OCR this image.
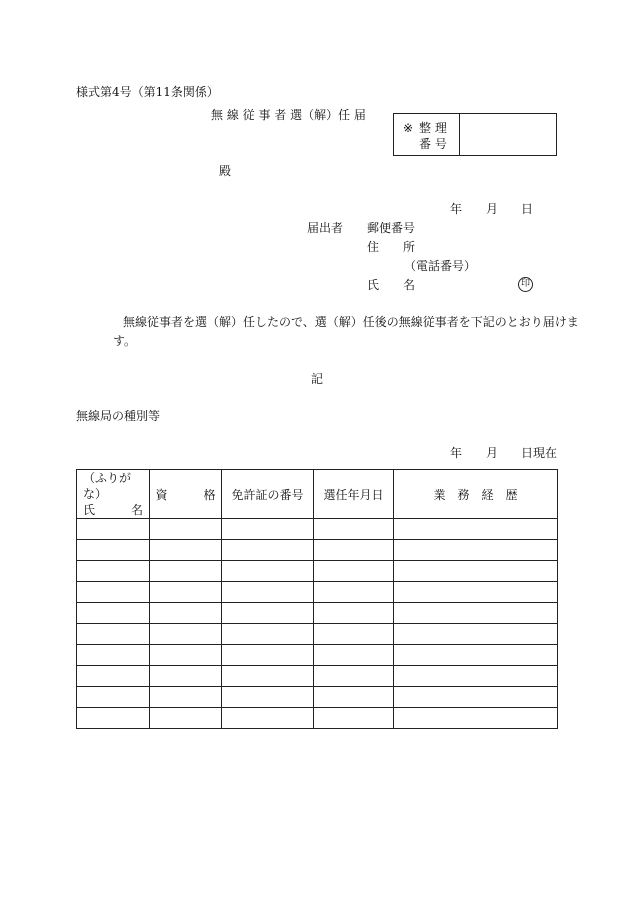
様式第4号（第11条関係）
無 線 従 事 者 選（解）任 届
※ 整 理
番 号
殿
年 月 日
届出者 郵便番号
住　　所
（電話番号）
氏　　名	印
無線従事者を選（解）任したので、選（解）任後の無線従事者を下記のとおり届けま
す。
記
無線局の種別等
年 月 日現在
（ふりがな）
氏　　　名	資　　　格	免許証の番号	選任年月日	業　務　経　歴
